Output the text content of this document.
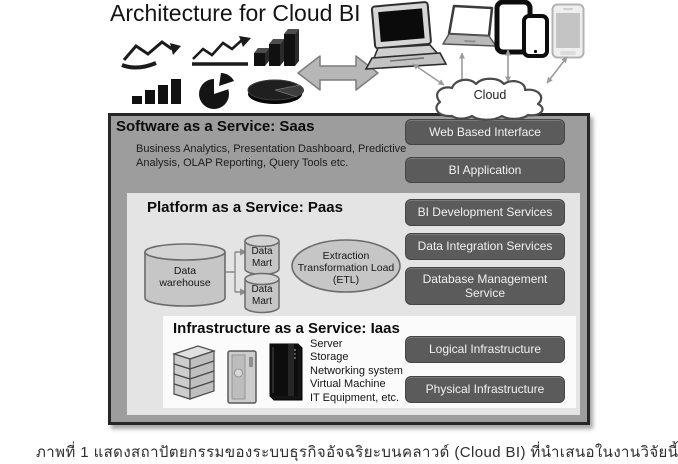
Architecture for Cloud BI
Software as a Service: Saas
Business Analytics, Presentation Dashboard, Predictive Analysis, OLAP Reporting, Query Tools etc.
Web Based Interface
BI Application
Platform as a Service: Paas	BI Development Services
Data Integration Services
Database Management Service
Data warehouse
Data Mart
Data Mart
Extraction Transformation Load (ETL)
Infrastructure as a Service: Iaas
Server
Storage
Networking system
Virtual Machine
IT Equipment, etc.
Logical Infrastructure
Physical Infrastructure
Cloud
ภาพที่ 1 แสดงสถาปัตยกรรมของระบบธุรกิจอัจฉริยะบนคลาวด์ (Cloud BI) ที่นำเสนอในงานวิจัยนี้
